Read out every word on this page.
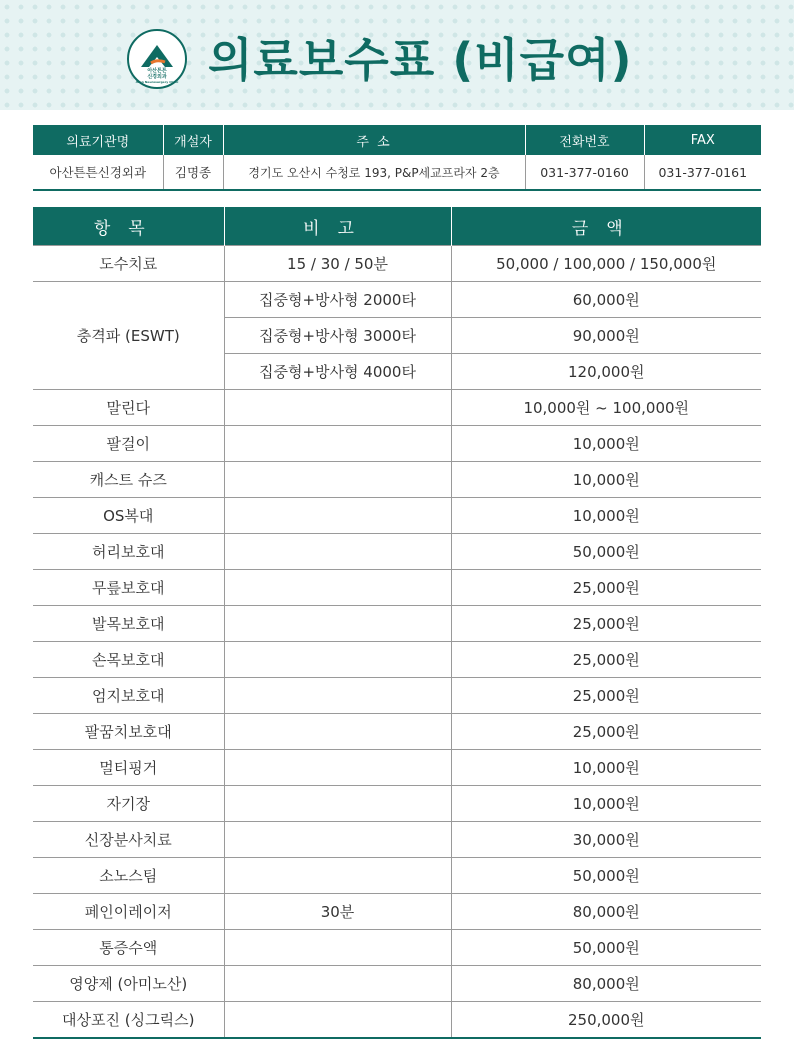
아산튼튼
신경외과
Asan Neurosurgery Clinic 의료보수표 (비급여)
의료기관명	개설자	주 소	전화번호	FAX
아산튼튼신경외과	김명종	경기도 오산시 수청로 193, P&P세교프라자 2층	031-377-0160	031-377-0161
항목	비고	금액
도수치료	15 / 30 / 50분	50,000 / 100,000 / 150,000원
충격파 (ESWT)	집중형+방사형 2000타	60,000원
	집중형+방사형 3000타	90,000원
	집중형+방사형 4000타	120,000원
말린다		10,000원 ~ 100,000원
팔걸이		10,000원
캐스트 슈즈		10,000원
OS복대		10,000원
허리보호대		50,000원
무릎보호대		25,000원
발목보호대		25,000원
손목보호대		25,000원
엄지보호대		25,000원
팔꿈치보호대		25,000원
멀티핑거		10,000원
자기장		10,000원
신장분사치료		30,000원
소노스팀		50,000원
페인이레이저	30분	80,000원
통증수액		50,000원
영양제 (아미노산)		80,000원
대상포진 (싱그릭스)		250,000원
